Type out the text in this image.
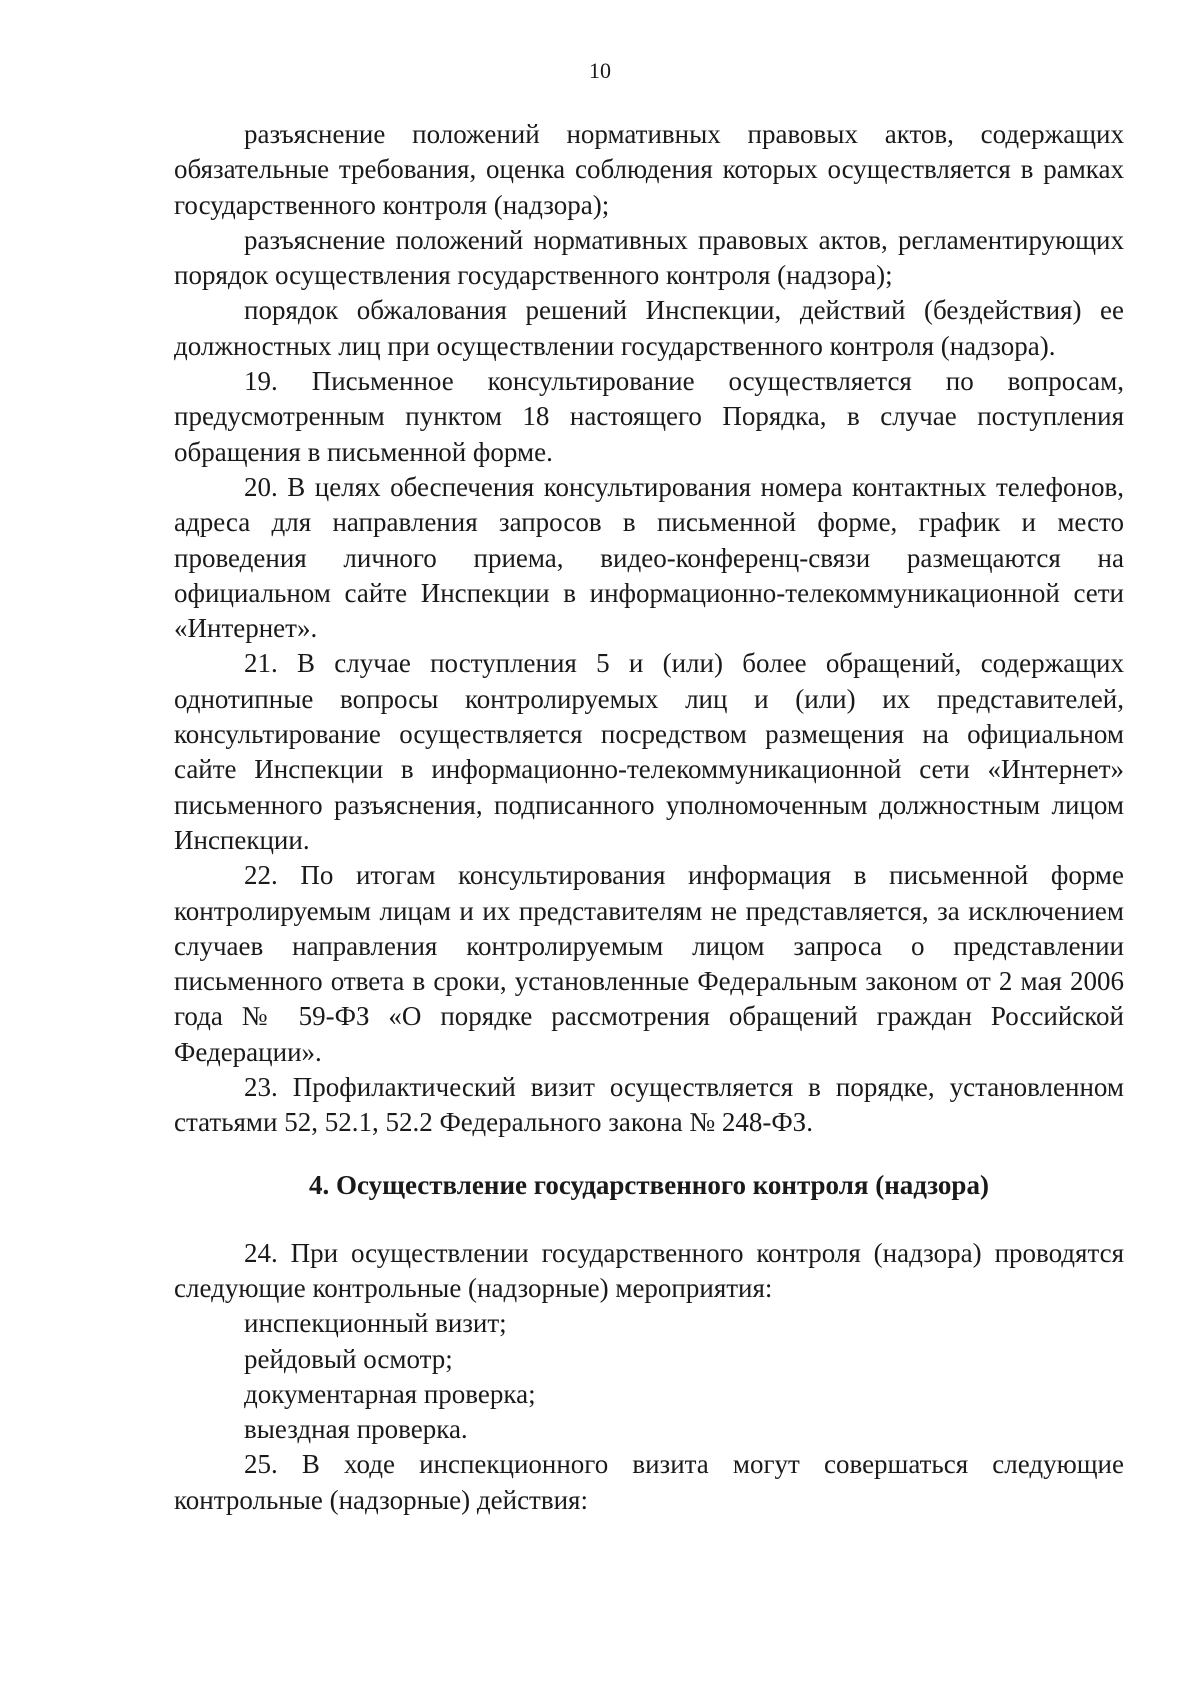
10

разъяснение положений нормативных правовых актов, содержащих обязательные требования, оценка соблюдения которых осуществляется в рамках государственного контроля (надзора);

разъяснение положений нормативных правовых актов, регламентирующих порядок осуществления государственного контроля (надзора);

порядок обжалования решений Инспекции, действий (бездействия) ее должностных лиц при осуществлении государственного контроля (надзора).

19. Письменное консультирование осуществляется по вопросам, предусмотренным пунктом 18 настоящего Порядка, в случае поступления обращения в письменной форме.

20. В целях обеспечения консультирования номера контактных телефонов, адреса для направления запросов в письменной форме, график и место проведения личного приема, видео-конференц-связи размещаются на официальном сайте Инспекции в информационно-телекоммуникационной сети «Интернет».

21. В случае поступления 5 и (или) более обращений, содержащих однотипные вопросы контролируемых лиц и (или) их представителей, консультирование осуществляется посредством размещения на официальном сайте Инспекции в информационно-телекоммуникационной сети «Интернет» письменного разъяснения, подписанного уполномоченным должностным лицом Инспекции.

22. По итогам консультирования информация в письменной форме контролируемым лицам и их представителям не представляется, за исключением случаев направления контролируемым лицом запроса о представлении письменного ответа в сроки, установленные Федеральным законом от 2 мая 2006 года № 59-ФЗ «О порядке рассмотрения обращений граждан Российской Федерации».

23. Профилактический визит осуществляется в порядке, установленном статьями 52, 52.1, 52.2 Федерального закона № 248-ФЗ.

4. Осуществление государственного контроля (надзора)

24. При осуществлении государственного контроля (надзора) проводятся следующие контрольные (надзорные) мероприятия:

инспекционный визит;

рейдовый осмотр;

документарная проверка;

выездная проверка.

25. В ходе инспекционного визита могут совершаться следующие контрольные (надзорные) действия:
